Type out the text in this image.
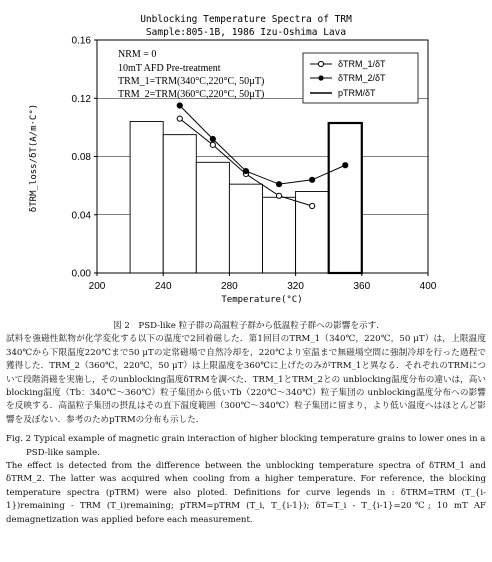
Unblocking Temperature Spectra of TRM
Sample:805-1B, 1986 Izu-Oshima Lava
0.00
0.04
0.08
0.12
0.16
200	240	280	320	360	400
Temperature(°C)
δTRM_loss/δT(A/m·C°)
NRM = 0
10mT AFD Pre-treatment
TRM_1=TRM(340°C,220°C, 50µT)
TRM_2=TRM(360°C,220°C, 50µT)
δTRM_1/δT
δTRM_2/δT
pTRM/δT

図 2　PSD-like 粒子群の高温粒子群から低温粒子群への影響を示す.

試料を強磁性鉱物が化学変化する以下の温度で2回着磁した．第1回目のTRM_1（340℃，220℃，50 μT）は，上限温度340℃から下限温度220℃まで50 μTの定常磁場で自然冷却を，220℃より室温まで無磁場空間に強制冷却を行った過程で獲得した．TRM_2（360℃，220℃，50 μT）は上限温度を360℃に上げたのみがTRM_1と異なる．それぞれのTRMについて段階消磁を実施し，そのunblocking温度δTRMを調べた．TRM_1とTRM_2との unblocking温度分布の違いは，高い blocking温度（Tb：340℃～360℃）粒子集団から低いTb（220℃～340℃）粒子集団の unblocking温度分布への影響を反映する．高温粒子集団の摂乱はその直下温度範囲（300℃～340℃）粒子集団に留まり，より低い温度へはほとんど影響を及ぼない．参考のためpTRMの分布も示した．

Fig. 2 Typical example of magnetic grain interaction of higher blocking temperature grains to lower ones in a PSD-like sample.

The effect is detected from the difference between the unblocking temperature spectra of δTRM_1 and δTRM_2. The latter was acquired when cooling from a higher temperature. For reference, the blocking temperature spectra (pTRM) were also ploted. Definitions for curve legends in : δTRM=TRM (T_{i-1})remaining - TRM (T_i)remaining; pTRM=pTRM (T_i, T_{i-1}); δT=T_i - T_{i-1}=20℃; 10 mT AF demagnetization was applied before each measurement.
